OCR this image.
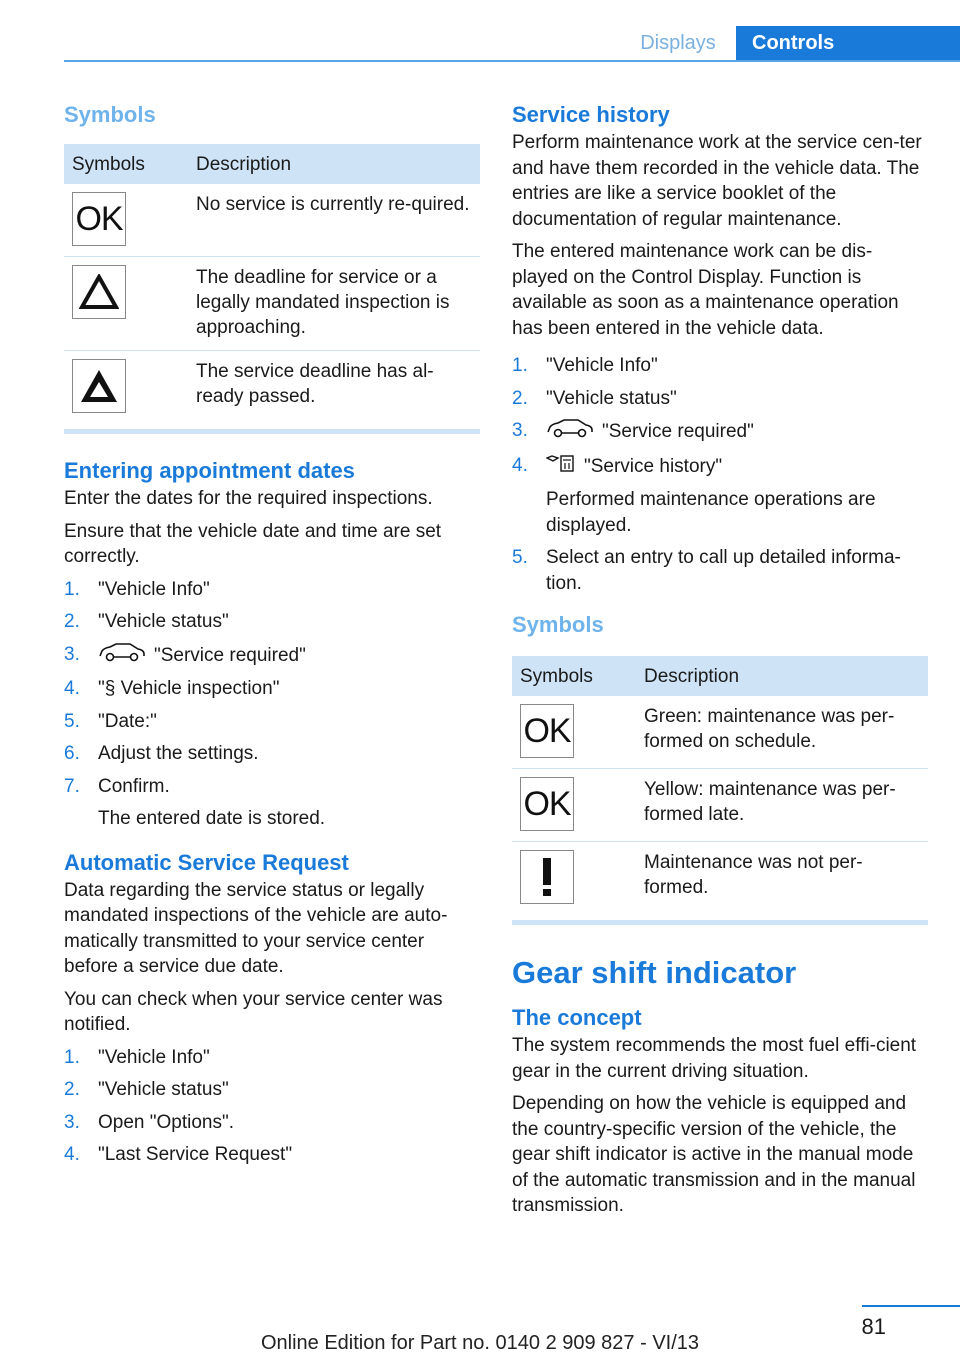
Displays	Controls
Symbols
Symbols	Description

OK	No service is currently re‐quired.

	The deadline for service or a legally mandated inspection is approaching.

	The service deadline has al‐ready passed.
Entering appointment dates

Enter the dates for the required inspections.

Ensure that the vehicle date and time are set correctly.

1. "Vehicle Info"
2. "Vehicle status"
3.	"Service required"
4. "§ Vehicle inspection"
5. "Date:"
6. Adjust the settings.
7. Confirm.
The entered date is stored.
Automatic Service Request

Data regarding the service status or legally mandated inspections of the vehicle are auto‐matically transmitted to your service center before a service due date.

You can check when your service center was notified.

1. "Vehicle Info"
2. "Vehicle status"
3. Open "Options".
4. "Last Service Request"
Service history

Perform maintenance work at the service cen‐ter and have them recorded in the vehicle data. The entries are like a service booklet of the documentation of regular maintenance.

The entered maintenance work can be dis‐played on the Control Display. Function is available as soon as a maintenance operation has been entered in the vehicle data.

1. "Vehicle Info"
2. "Vehicle status"
3.	"Service required"
4.	"Service history"
Performed maintenance operations are displayed.
5. Select an entry to call up detailed informa‐tion.
Symbols
Symbols	Description

OK	Green: maintenance was per‐formed on schedule.

OK	Yellow: maintenance was per‐formed late.

	Maintenance was not per‐formed.
Gear shift indicator
The concept

The system recommends the most fuel effi‐cient gear in the current driving situation.

Depending on how the vehicle is equipped and the country-specific version of the vehicle, the gear shift indicator is active in the manual mode of the automatic transmission and in the manual transmission.

81
Online Edition for Part no. 0140 2 909 827 - VI/13
